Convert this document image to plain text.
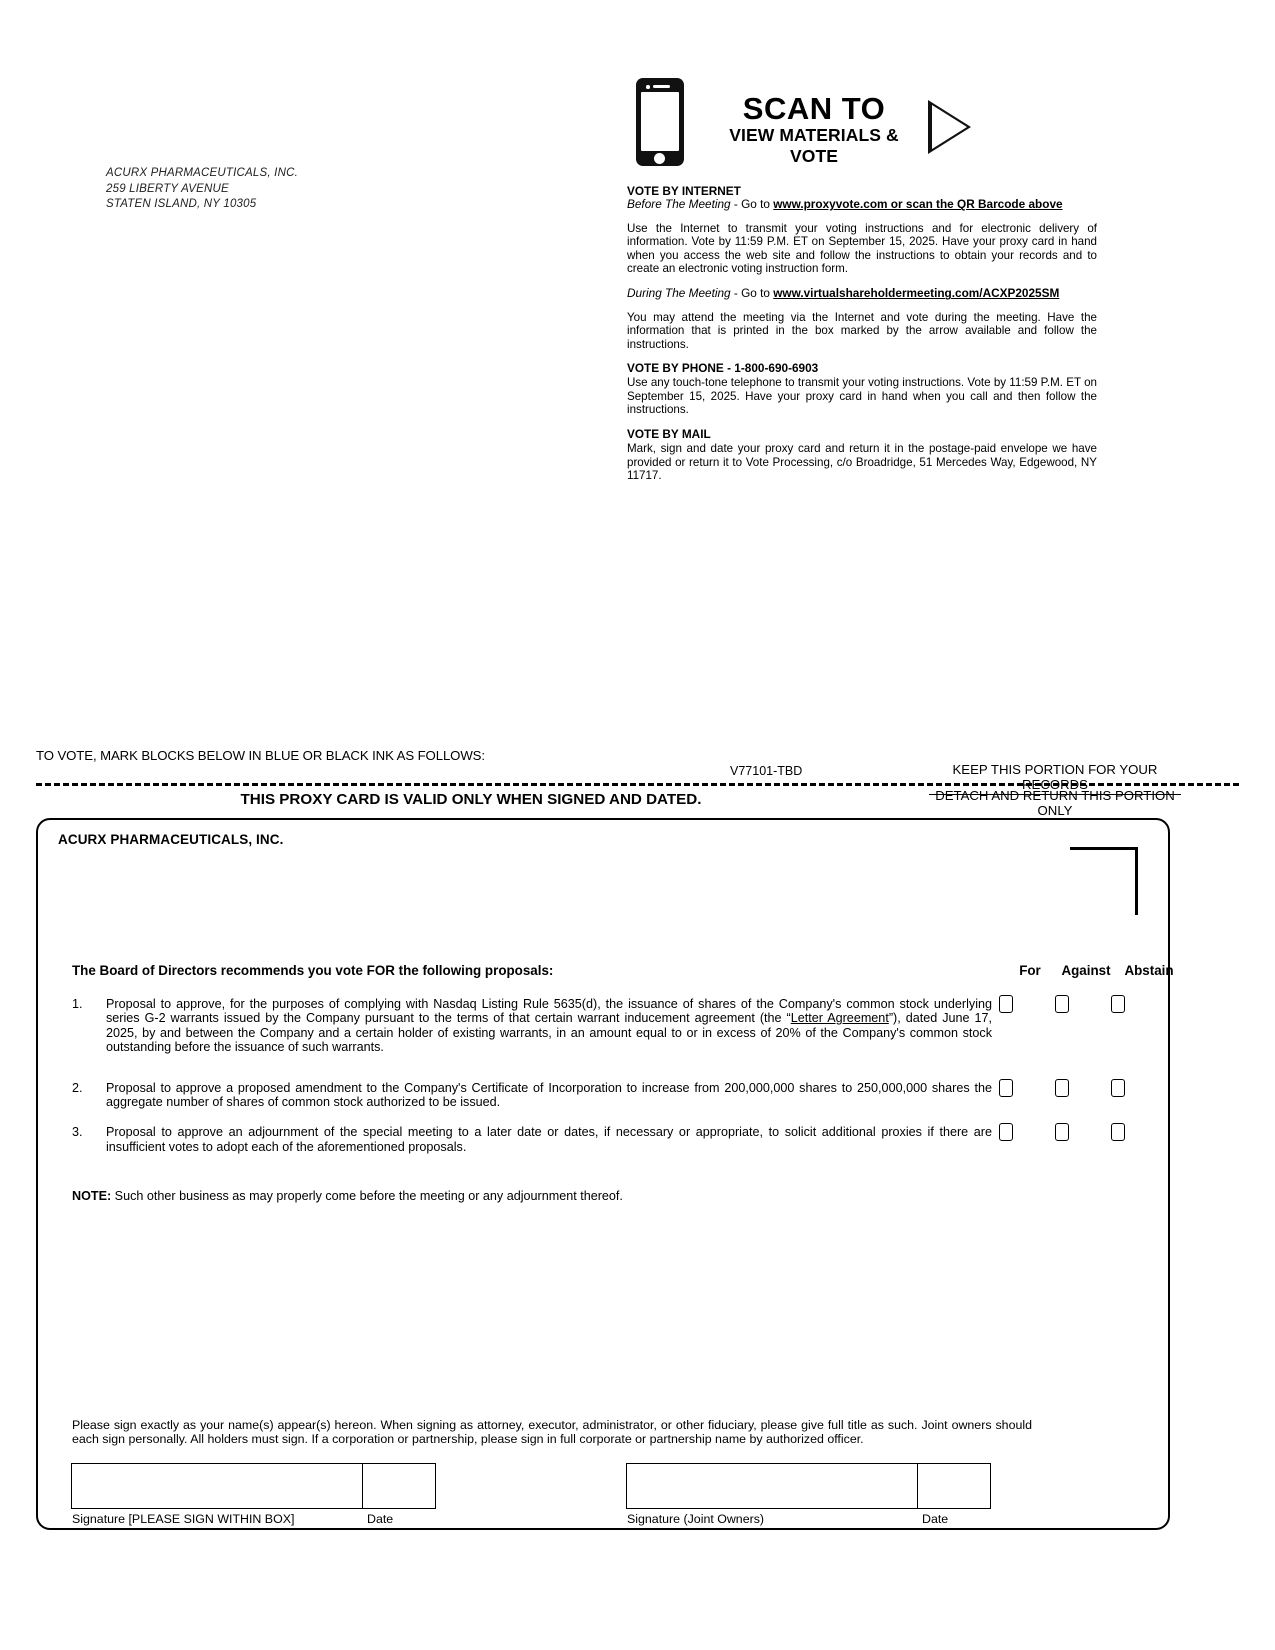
ACURX PHARMACEUTICALS, INC.
259 LIBERTY AVENUE
STATEN ISLAND, NY 10305
SCAN TO
VIEW MATERIALS & VOTE
VOTE BY INTERNET
Before The Meeting - Go to www.proxyvote.com or scan the QR Barcode above
Use the Internet to transmit your voting instructions and for electronic delivery of information. Vote by 11:59 P.M. ET on September 15, 2025. Have your proxy card in hand when you access the web site and follow the instructions to obtain your records and to create an electronic voting instruction form.
During The Meeting - Go to www.virtualshareholdermeeting.com/ACXP2025SM
You may attend the meeting via the Internet and vote during the meeting. Have the information that is printed in the box marked by the arrow available and follow the instructions.
VOTE BY PHONE - 1-800-690-6903
Use any touch-tone telephone to transmit your voting instructions. Vote by 11:59 P.M. ET on September 15, 2025. Have your proxy card in hand when you call and then follow the instructions.
VOTE BY MAIL
Mark, sign and date your proxy card and return it in the postage-paid envelope we have provided or return it to Vote Processing, c/o Broadridge, 51 Mercedes Way, Edgewood, NY 11717.
TO VOTE, MARK BLOCKS BELOW IN BLUE OR BLACK INK AS FOLLOWS:
V77101-TBD	KEEP THIS PORTION FOR YOUR RECORDS
DETACH AND RETURN THIS PORTION ONLY
THIS PROXY CARD IS VALID ONLY WHEN SIGNED AND DATED.
ACURX PHARMACEUTICALS, INC.
The Board of Directors recommends you vote FOR the following proposals:	For	Against	Abstain
1.	Proposal to approve, for the purposes of complying with Nasdaq Listing Rule 5635(d), the issuance of shares of the Company's common stock underlying series G-2 warrants issued by the Company pursuant to the terms of that certain warrant inducement agreement (the “Letter Agreement”), dated June 17, 2025, by and between the Company and a certain holder of existing warrants, in an amount equal to or in excess of 20% of the Company's common stock outstanding before the issuance of such warrants.
2.	Proposal to approve a proposed amendment to the Company's Certificate of Incorporation to increase from 200,000,000 shares to 250,000,000 shares the aggregate number of shares of common stock authorized to be issued.
3.	Proposal to approve an adjournment of the special meeting to a later date or dates, if necessary or appropriate, to solicit additional proxies if there are insufficient votes to adopt each of the aforementioned proposals.
NOTE: Such other business as may properly come before the meeting or any adjournment thereof.
Please sign exactly as your name(s) appear(s) hereon. When signing as attorney, executor, administrator, or other fiduciary, please give full title as such. Joint owners should each sign personally. All holders must sign. If a corporation or partnership, please sign in full corporate or partnership name by authorized officer.
Signature [PLEASE SIGN WITHIN BOX]	Date	Signature (Joint Owners)	Date
